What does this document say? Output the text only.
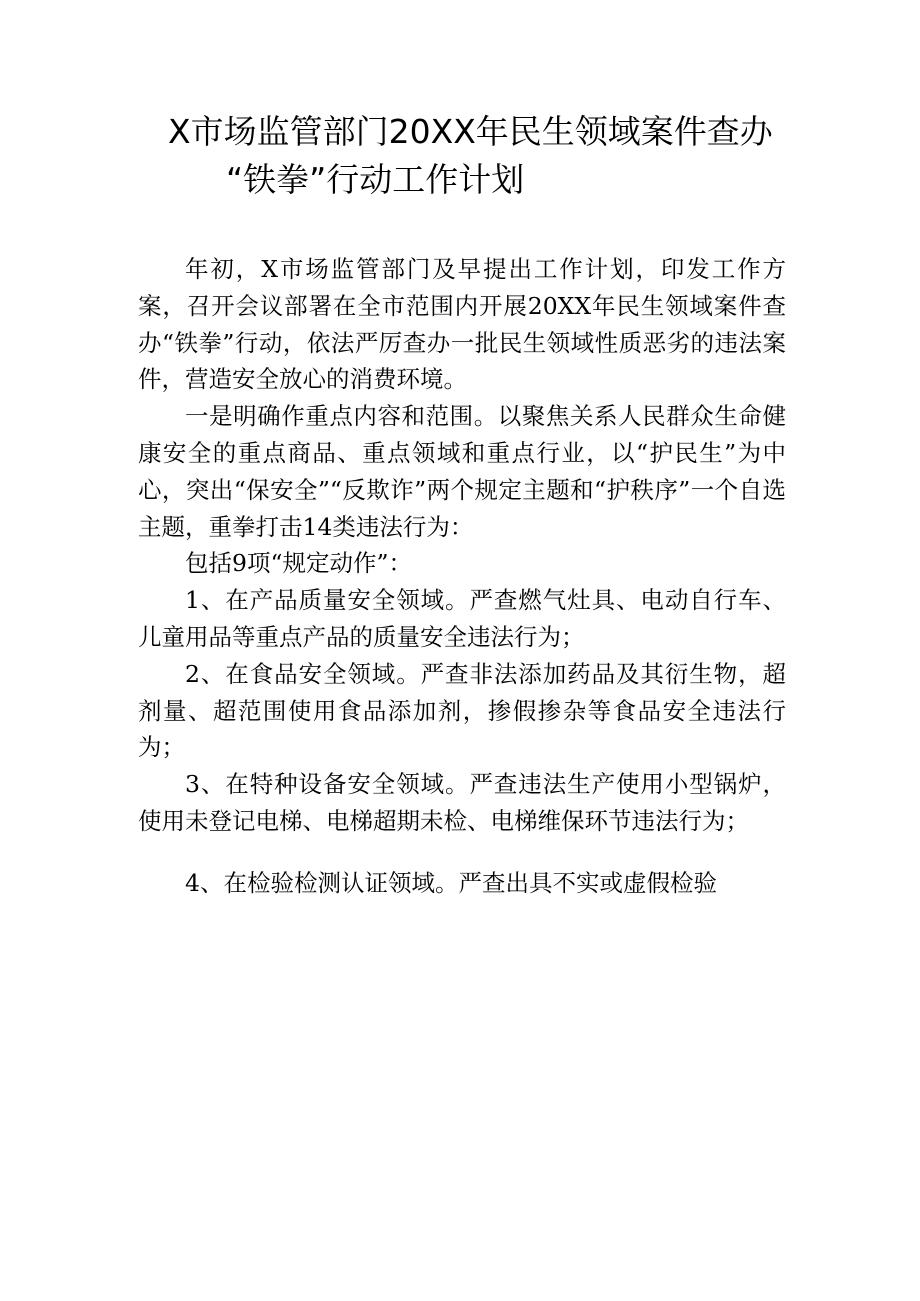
X市场监管部门20XX年民生领域案件查办
“铁拳”行动工作计划

年初，X市场监管部门及早提出工作计划，印发工作方案，召开会议部署在全市范围内开展20XX年民生领域案件查办“铁拳”行动，依法严厉查办一批民生领域性质恶劣的违法案件，营造安全放心的消费环境。

一是明确作重点内容和范围。以聚焦关系人民群众生命健康安全的重点商品、重点领域和重点行业，以“护民生”为中心，突出“保安全”“反欺诈”两个规定主题和“护秩序”一个自选主题，重拳打击14类违法行为：

包括9项“规定动作”：

1、在产品质量安全领域。严查燃气灶具、电动自行车、儿童用品等重点产品的质量安全违法行为；

2、在食品安全领域。严查非法添加药品及其衍生物，超剂量、超范围使用食品添加剂，掺假掺杂等食品安全违法行为；

3、在特种设备安全领域。严查违法生产使用小型锅炉，使用未登记电梯、电梯超期未检、电梯维保环节违法行为；

4、在检验检测认证领域。严查出具不实或虚假检验
